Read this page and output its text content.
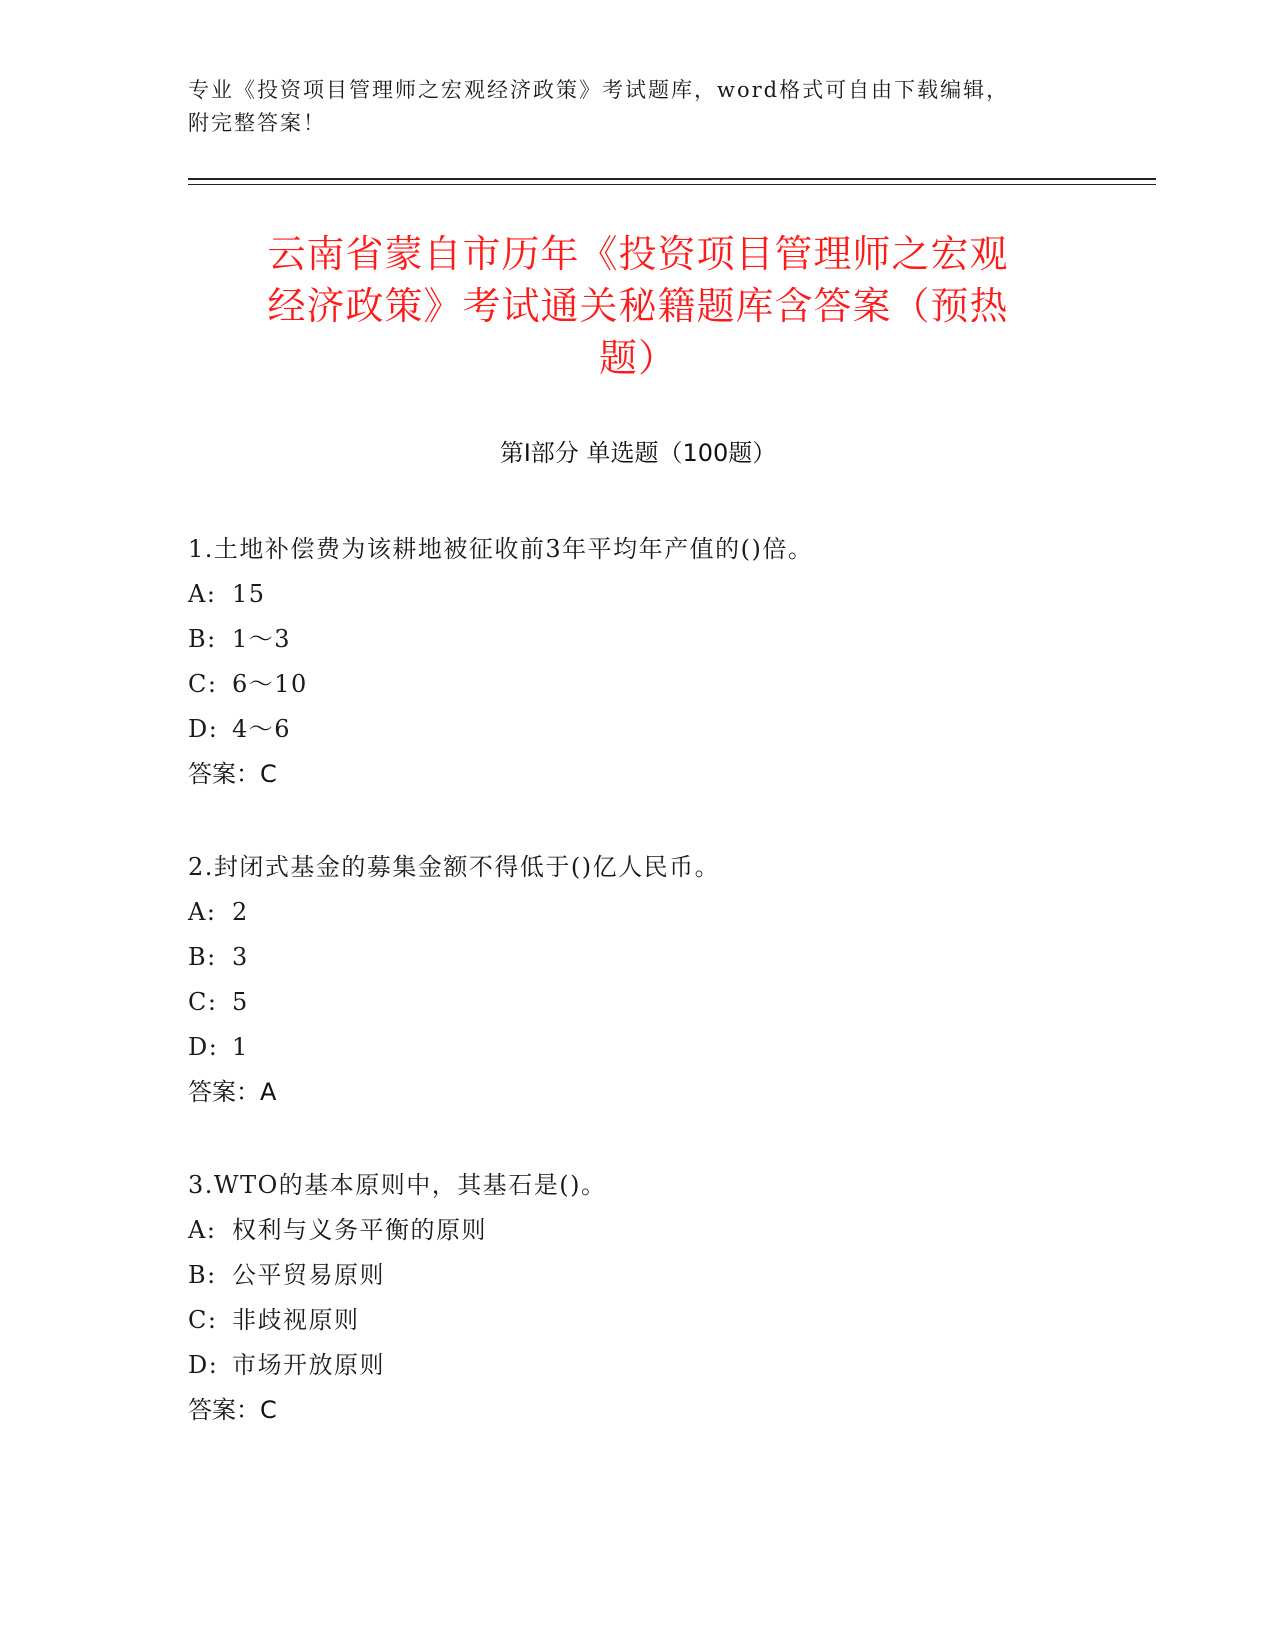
专业《投资项目管理师之宏观经济政策》考试题库，word格式可自由下载编辑，
附完整答案！
云南省蒙自市历年《投资项目管理师之宏观
经济政策》考试通关秘籍题库含答案（预热
题）
第Ⅰ部分 单选题（100题）
1.土地补偿费为该耕地被征收前3年平均年产值的()倍。
A: 15
B: 1～3
C: 6～10
D: 4～6
答案：C
2.封闭式基金的募集金额不得低于()亿人民币。
A: 2
B: 3
C: 5
D: 1
答案：A
3.WTO的基本原则中，其基石是()。
A: 权利与义务平衡的原则
B: 公平贸易原则
C: 非歧视原则
D: 市场开放原则
答案：C
